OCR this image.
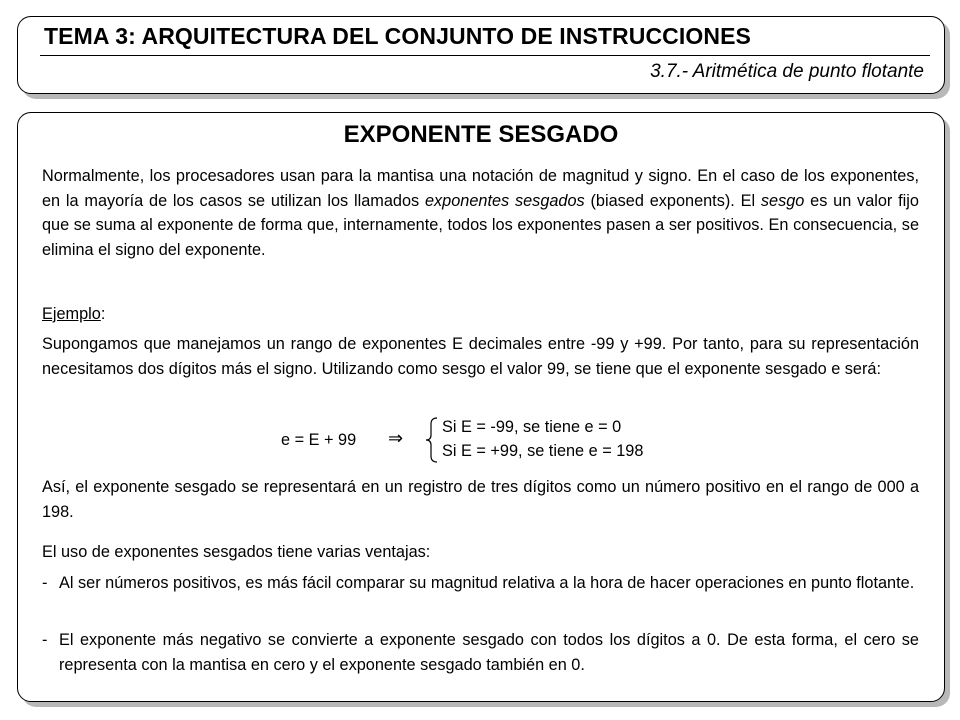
TEMA 3: ARQUITECTURA DEL CONJUNTO DE INSTRUCCIONES
3.7.- Aritmética de punto flotante
EXPONENTE SESGADO

Normalmente, los procesadores usan para la mantisa una notación de magnitud y signo. En el caso de los exponentes, en la mayoría de los casos se utilizan los llamados exponentes sesgados (biased exponents). El sesgo es un valor fijo que se suma al exponente de forma que, internamente, todos los exponentes pasen a ser positivos. En consecuencia, se elimina el signo del exponente.

Ejemplo:

Supongamos que manejamos un rango de exponentes E decimales entre -99 y +99. Por tanto, para su representación necesitamos dos dígitos más el signo. Utilizando como sesgo el valor 99, se tiene que el exponente sesgado e será:

e = E + 99 ⇒
Si E = -99, se tiene e = 0
Si E = +99, se tiene e = 198

Así, el exponente sesgado se representará en un registro de tres dígitos como un número positivo en el rango de 000 a 198.

El uso de exponentes sesgados tiene varias ventajas:

- Al ser números positivos, es más fácil comparar su magnitud relativa a la hora de hacer operaciones en punto flotante.
- El exponente más negativo se convierte a exponente sesgado con todos los dígitos a 0. De esta forma, el cero se representa con la mantisa en cero y el exponente sesgado también en 0.
